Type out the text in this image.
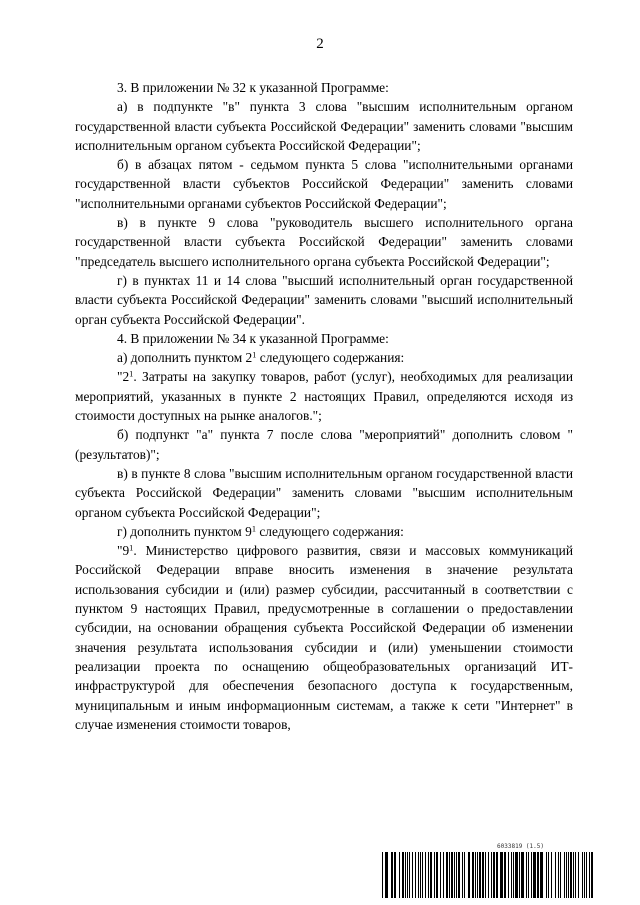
2

3. В приложении № 32 к указанной Программе:

а) в подпункте "в" пункта 3 слова "высшим исполнительным органом государственной власти субъекта Российской Федерации" заменить словами "высшим исполнительным органом субъекта Российской Федерации";

б) в абзацах пятом - седьмом пункта 5 слова "исполнительными органами государственной власти субъектов Российской Федерации" заменить словами "исполнительными органами субъектов Российской Федерации";

в) в пункте 9 слова "руководитель высшего исполнительного органа государственной власти субъекта Российской Федерации" заменить словами "председатель высшего исполнительного органа субъекта Российской Федерации";

г) в пунктах 11 и 14 слова "высший исполнительный орган государственной власти субъекта Российской Федерации" заменить словами "высший исполнительный орган субъекта Российской Федерации".

4. В приложении № 34 к указанной Программе:

а) дополнить пунктом $2^1$ следующего содержания:

"$2^1$. Затраты на закупку товаров, работ (услуг), необходимых для реализации мероприятий, указанных в пункте 2 настоящих Правил, определяются исходя из стоимости доступных на рынке аналогов.";

б) подпункт "а" пункта 7 после слова "мероприятий" дополнить словом "(результатов)";

в) в пункте 8 слова "высшим исполнительным органом государственной власти субъекта Российской Федерации" заменить словами "высшим исполнительным органом субъекта Российской Федерации";

г) дополнить пунктом $9^1$ следующего содержания:

"$9^1$. Министерство цифрового развития, связи и массовых коммуникаций Российской Федерации вправе вносить изменения в значение результата использования субсидии и (или) размер субсидии, рассчитанный в соответствии с пунктом 9 настоящих Правил, предусмотренные в соглашении о предоставлении субсидии, на основании обращения субъекта Российской Федерации об изменении значения результата использования субсидии и (или) уменьшении стоимости реализации проекта по оснащению общеобразовательных организаций ИТ-инфраструктурой для обеспечения безопасного доступа к государственным, муниципальным и иным информационным системам, а также к сети "Интернет" в случае изменения стоимости товаров,

6033819 (1.5)
